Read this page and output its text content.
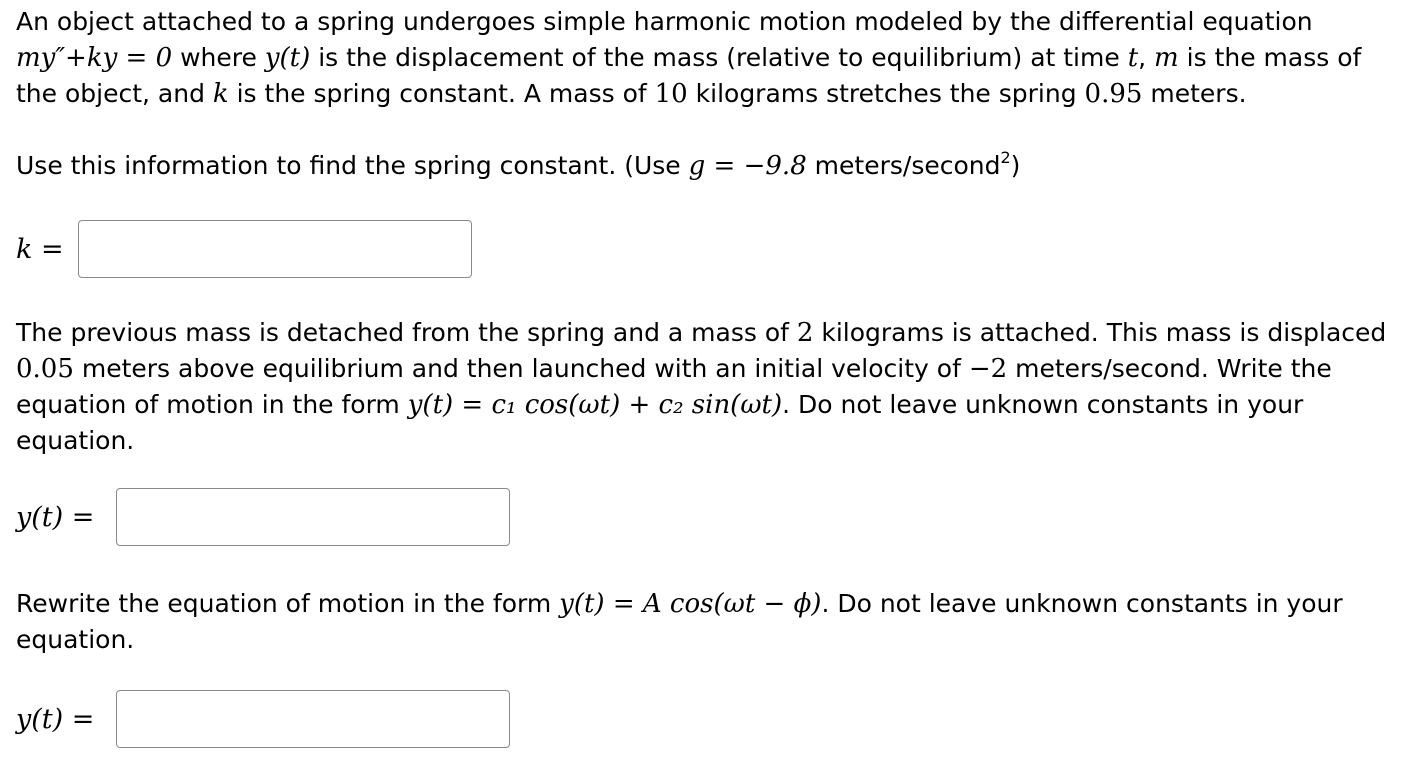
An object attached to a spring undergoes simple harmonic motion modeled by the differential equation
my″+ky = 0 where y(t) is the displacement of the mass (relative to equilibrium) at time t, m is the mass of the object, and k is the spring constant. A mass of 10 kilograms stretches the spring 0.95 meters.

Use this information to find the spring constant. (Use g = −9.8 meters/second$^2$)

k =

The previous mass is detached from the spring and a mass of 2 kilograms is attached. This mass is displaced 0.05 meters above equilibrium and then launched with an initial velocity of −2 meters/second. Write the equation of motion in the form y(t) = c₁ cos(ωt) + c₂ sin(ωt). Do not leave unknown constants in your equation.

y(t) =

Rewrite the equation of motion in the form y(t) = A cos(ωt − ϕ). Do not leave unknown constants in your equation.

y(t) =
